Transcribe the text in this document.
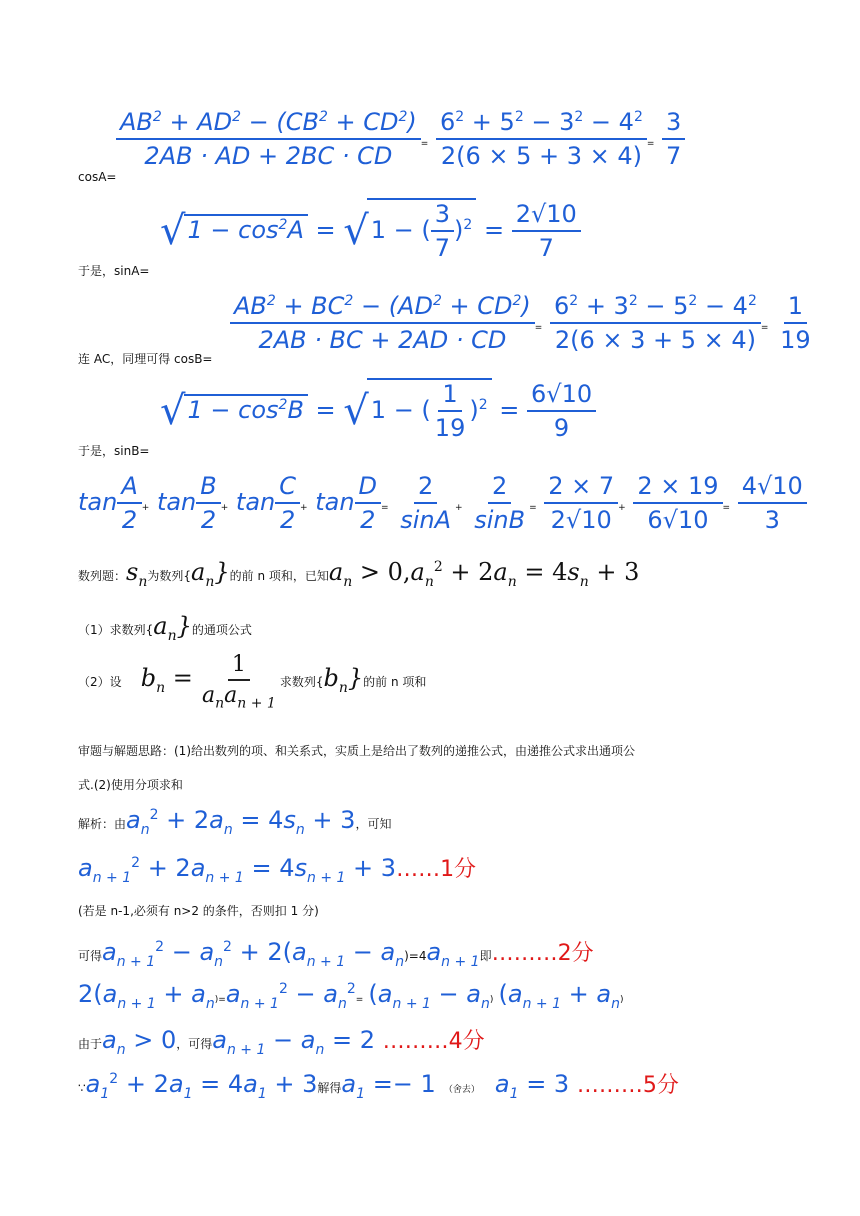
cosA=
$\frac{AB^2 + AD^2 - (CB^2 + CD^2)}{2AB \cdot AD + 2BC \cdot CD} = \frac{6^2 + 5^2 - 3^2 - 4^2}{2(6 \times 5 + 3 \times 4)} = \frac{3}{7}$
于是，sinA=
$√1 - \cos^2A = √1$ − ( $\frac{3}{7} )^2 = \frac{2√10}{7}$
连 AC，同理可得 cosB=
$\frac{AB^2 + BC^2 - (AD^2 + CD^2)}{2AB \cdot BC + 2AD \cdot CD} = \frac{6^2 + 3^2 - 5^2 - 4^2}{2(6 \times 3 + 5 \times 4)} = \frac{1}{19}$
于是，sinB=
$√1 - \cos^2B = √1$ − ( $\frac{1}{19} )^2 = \frac{6√10}{9}$
$\tan \frac{A}{2} + \tan \frac{B}{2} + \tan \frac{C}{2} + \tan \frac{D}{2} = \frac{2}{\sin A} + \frac{2}{\sin B} = \frac{2 \times 7}{2√10} + \frac{2 \times 19}{6√10} = \frac{4√10}{3}$
数列题：$s_n$为数列$\{a_n\}$的前 n 项和，已知$a_n > 0,a_n^2 + 2a_n = 4s_n + 3$
（1）求数列$\{a_n\}$的通项公式
（2）设 $b_n = \frac{1}{a_na_{n + 1}}$ 求数列$\{b_n\}$的前 n 项和
审题与解题思路：(1)给出数列的项、和关系式，实质上是给出了数列的递推公式，由递推公式求出通项公
式.(2)使用分项求和
解析：由$a_n^2 + 2a_n = 4s_n + 3$，可知
$a_{n + 1}^2 + 2a_{n + 1} = 4s_{n + 1}$ + 3……1分
(若是 n-1,必须有 n>2 的条件，否则扣 1 分)
可得$a_{n + 1}^2 - a_n^2 + 2(a_{n + 1} - a_n)=4a_{n + 1}$即………2分
$2(a_{n + 1} + a_n)=a_{n + 1}^2 - a_n^2= (a_{n + 1} - a_n) (a_{n + 1} + a_n)$
由于$a_n > 0$，可得$a_{n + 1} - a_n = 2$ ………4分
$\because a_1^2 + 2a_1 = 4a_1 + 3$解得$a_1 =- 1$ （舍去） $a_1 = 3$ ………5分
